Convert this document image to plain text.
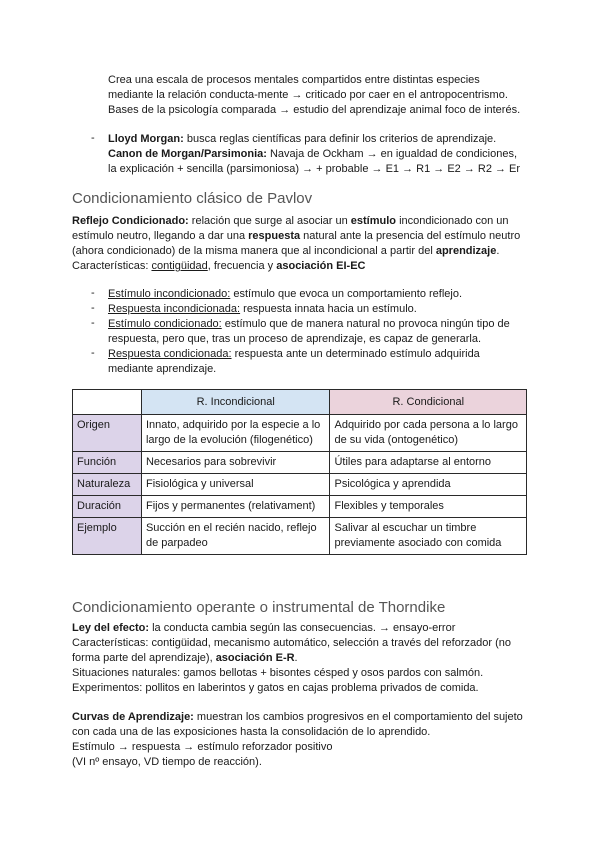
Crea una escala de procesos mentales compartidos entre distintas especies
mediante la relación conducta-mente → criticado por caer en el antropocentrismo.
Bases de la psicología comparada → estudio del aprendizaje animal foco de interés.
- Lloyd Morgan: busca reglas científicas para definir los criterios de aprendizaje.
Canon de Morgan/Parsimonia: Navaja de Ockham → en igualdad de condiciones,
la explicación + sencilla (parsimoniosa) → + probable → E1 → R1 → E2 → R2 → Er
Condicionamiento clásico de Pavlov
Reflejo Condicionado: relación que surge al asociar un estímulo incondicionado con un
estímulo neutro, llegando a dar una respuesta natural ante la presencia del estímulo neutro
(ahora condicionado) de la misma manera que al incondicional a partir del aprendizaje.
Características: contigüidad, frecuencia y asociación EI-EC
- Estímulo incondicionado: estímulo que evoca un comportamiento reflejo.
- Respuesta incondicionada: respuesta innata hacia un estímulo.
- Estímulo condicionado: estímulo que de manera natural no provoca ningún tipo de
respuesta, pero que, tras un proceso de aprendizaje, es capaz de generarla.
- Respuesta condicionada: respuesta ante un determinado estímulo adquirida
mediante aprendizaje.
	R. Incondicional	R. Condicional
Origen	Innato, adquirido por la especie a lo largo de la evolución (filogenético)	Adquirido por cada persona a lo largo de su vida (ontogenético)
Función	Necesarios para sobrevivir	Útiles para adaptarse al entorno
Naturaleza	Fisiológica y universal	Psicológica y aprendida
Duración	Fijos y permanentes (relativament)	Flexibles y temporales
Ejemplo	Succión en el recién nacido, reflejo de parpadeo	Salivar al escuchar un timbre previamente asociado con comida
Condicionamiento operante o instrumental de Thorndike
Ley del efecto: la conducta cambia según las consecuencias. → ensayo-error
Características: contigüidad, mecanismo automático, selección a través del reforzador (no
forma parte del aprendizaje), asociación E-R.
Situaciones naturales: gamos bellotas + bisontes césped y osos pardos con salmón.
Experimentos: pollitos en laberintos y gatos en cajas problema privados de comida.
Curvas de Aprendizaje: muestran los cambios progresivos en el comportamiento del sujeto
con cada una de las exposiciones hasta la consolidación de lo aprendido.
Estímulo → respuesta → estímulo reforzador positivo
(VI nº ensayo, VD tiempo de reacción).
